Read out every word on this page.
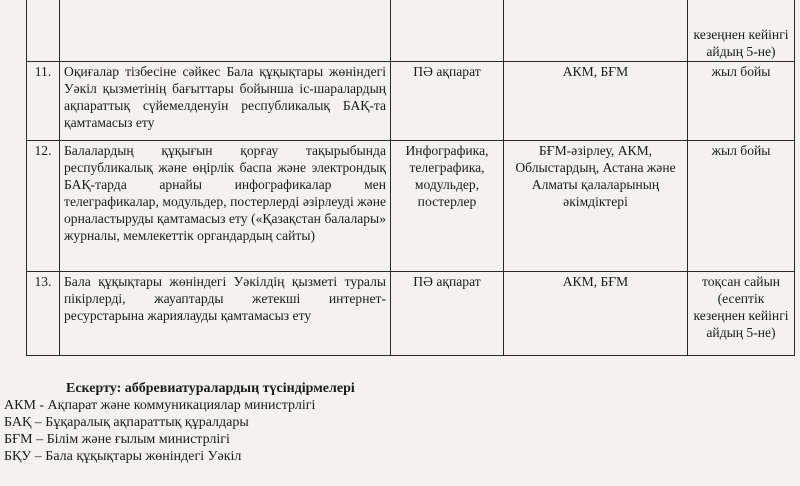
				кезеңнен кейінгі айдың 5-не)
11.	Оқиғалар тізбесіне сәйкес Бала құқықтары жөніндегі Уәкіл қызметінің бағыттары бойынша іс-шаралардың ақпараттық сүйемелденуін республикалық БАҚ-та қамтамасыз ету	ПӘ ақпарат	АКМ, БҒМ	жыл бойы
12.	Балалардың құқығын қорғау тақырыбында республикалық және өңірлік баспа және электрондық БАҚ-тарда арнайы инфографикалар мен телеграфикалар, модульдер, постерлерді әзірлеуді және орналастыруды қамтамасыз ету («Қазақстан балалары» журналы, мемлекеттік органдардың сайты)	Инфографика, телеграфика, модульдер, постерлер	БҒМ-әзірлеу, АКМ, Облыстардың, Астана және Алматы қалаларының әкімдіктері	жыл бойы
13.	Бала құқықтары жөніндегі Уәкілдің қызметі туралы пікірлерді, жауаптарды жетекші интернет-ресурстарына жариялауды қамтамасыз ету	ПӘ ақпарат	АКМ, БҒМ	тоқсан сайын (есептік кезеңнен кейінгі айдың 5-не)
Ескерту: аббревиатуралардың түсіндірмелері
АКМ - Ақпарат және коммуникациялар министрлігі
БАҚ – Бұқаралық ақпараттық құралдары
БҒМ – Білім және ғылым министрлігі
БҚУ – Бала құқықтары жөніндегі Уәкіл
